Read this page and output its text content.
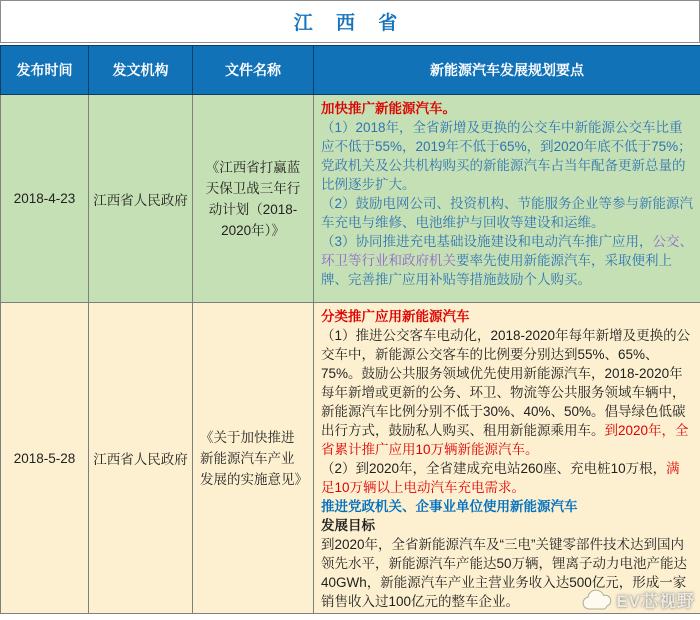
江 西 省
发布时间	发文机构	文件名称	新能源汽车发展规划要点
2018-4-23	江西省人民政府	《江西省打赢蓝天保卫战三年行动计划（2018-2020年）》	加快推广新能源汽车。
（1）2018年，全省新增及更换的公交车中新能源公交车比重应不低于55%，2019年不低于65%，到2020年底不低于75%；党政机关及公共机构购买的新能源汽车占当年配备更新总量的比例逐步扩大。
（2）鼓励电网公司、投资机构、节能服务企业等参与新能源汽车充电与维修、电池维护与回收等建设和运维。
（3）协同推进充电基础设施建设和电动汽车推广应用，公交、环卫等行业和政府机关要率先使用新能源汽车，采取便利上牌、完善推广应用补贴等措施鼓励个人购买。

2018-5-28	江西省人民政府	《关于加快推进新能源汽车产业发展的实施意见》	
分类推广应用新能源汽车
（1）推进公交客车电动化，2018-2020年每年新增及更换的公交车中，新能源公交客车的比例要分别达到55%、65%、75%。鼓励公共服务领域优先使用新能源汽车，2018-2020年每年新增或更新的公务、环卫、物流等公共服务领域车辆中，新能源汽车比例分别不低于30%、40%、50%。倡导绿色低碳出行方式，鼓励私人购买、租用新能源乘用车。到2020年，全省累计推广应用10万辆新能源汽车。
（2）到2020年，全省建成充电站260座、充电桩10万根，满足10万辆以上电动汽车充电需求。
推进党政机关、企事业单位使用新能源汽车
发展目标
到2020年，全省新能源汽车及“三电”关键零部件技术达到国内领先水平，新能源汽车产能达50万辆，锂离子动力电池产能达40GWh，新能源汽车产业主营业务收入达500亿元，形成一家销售收入过100亿元的整车企业。	EV芯视野
